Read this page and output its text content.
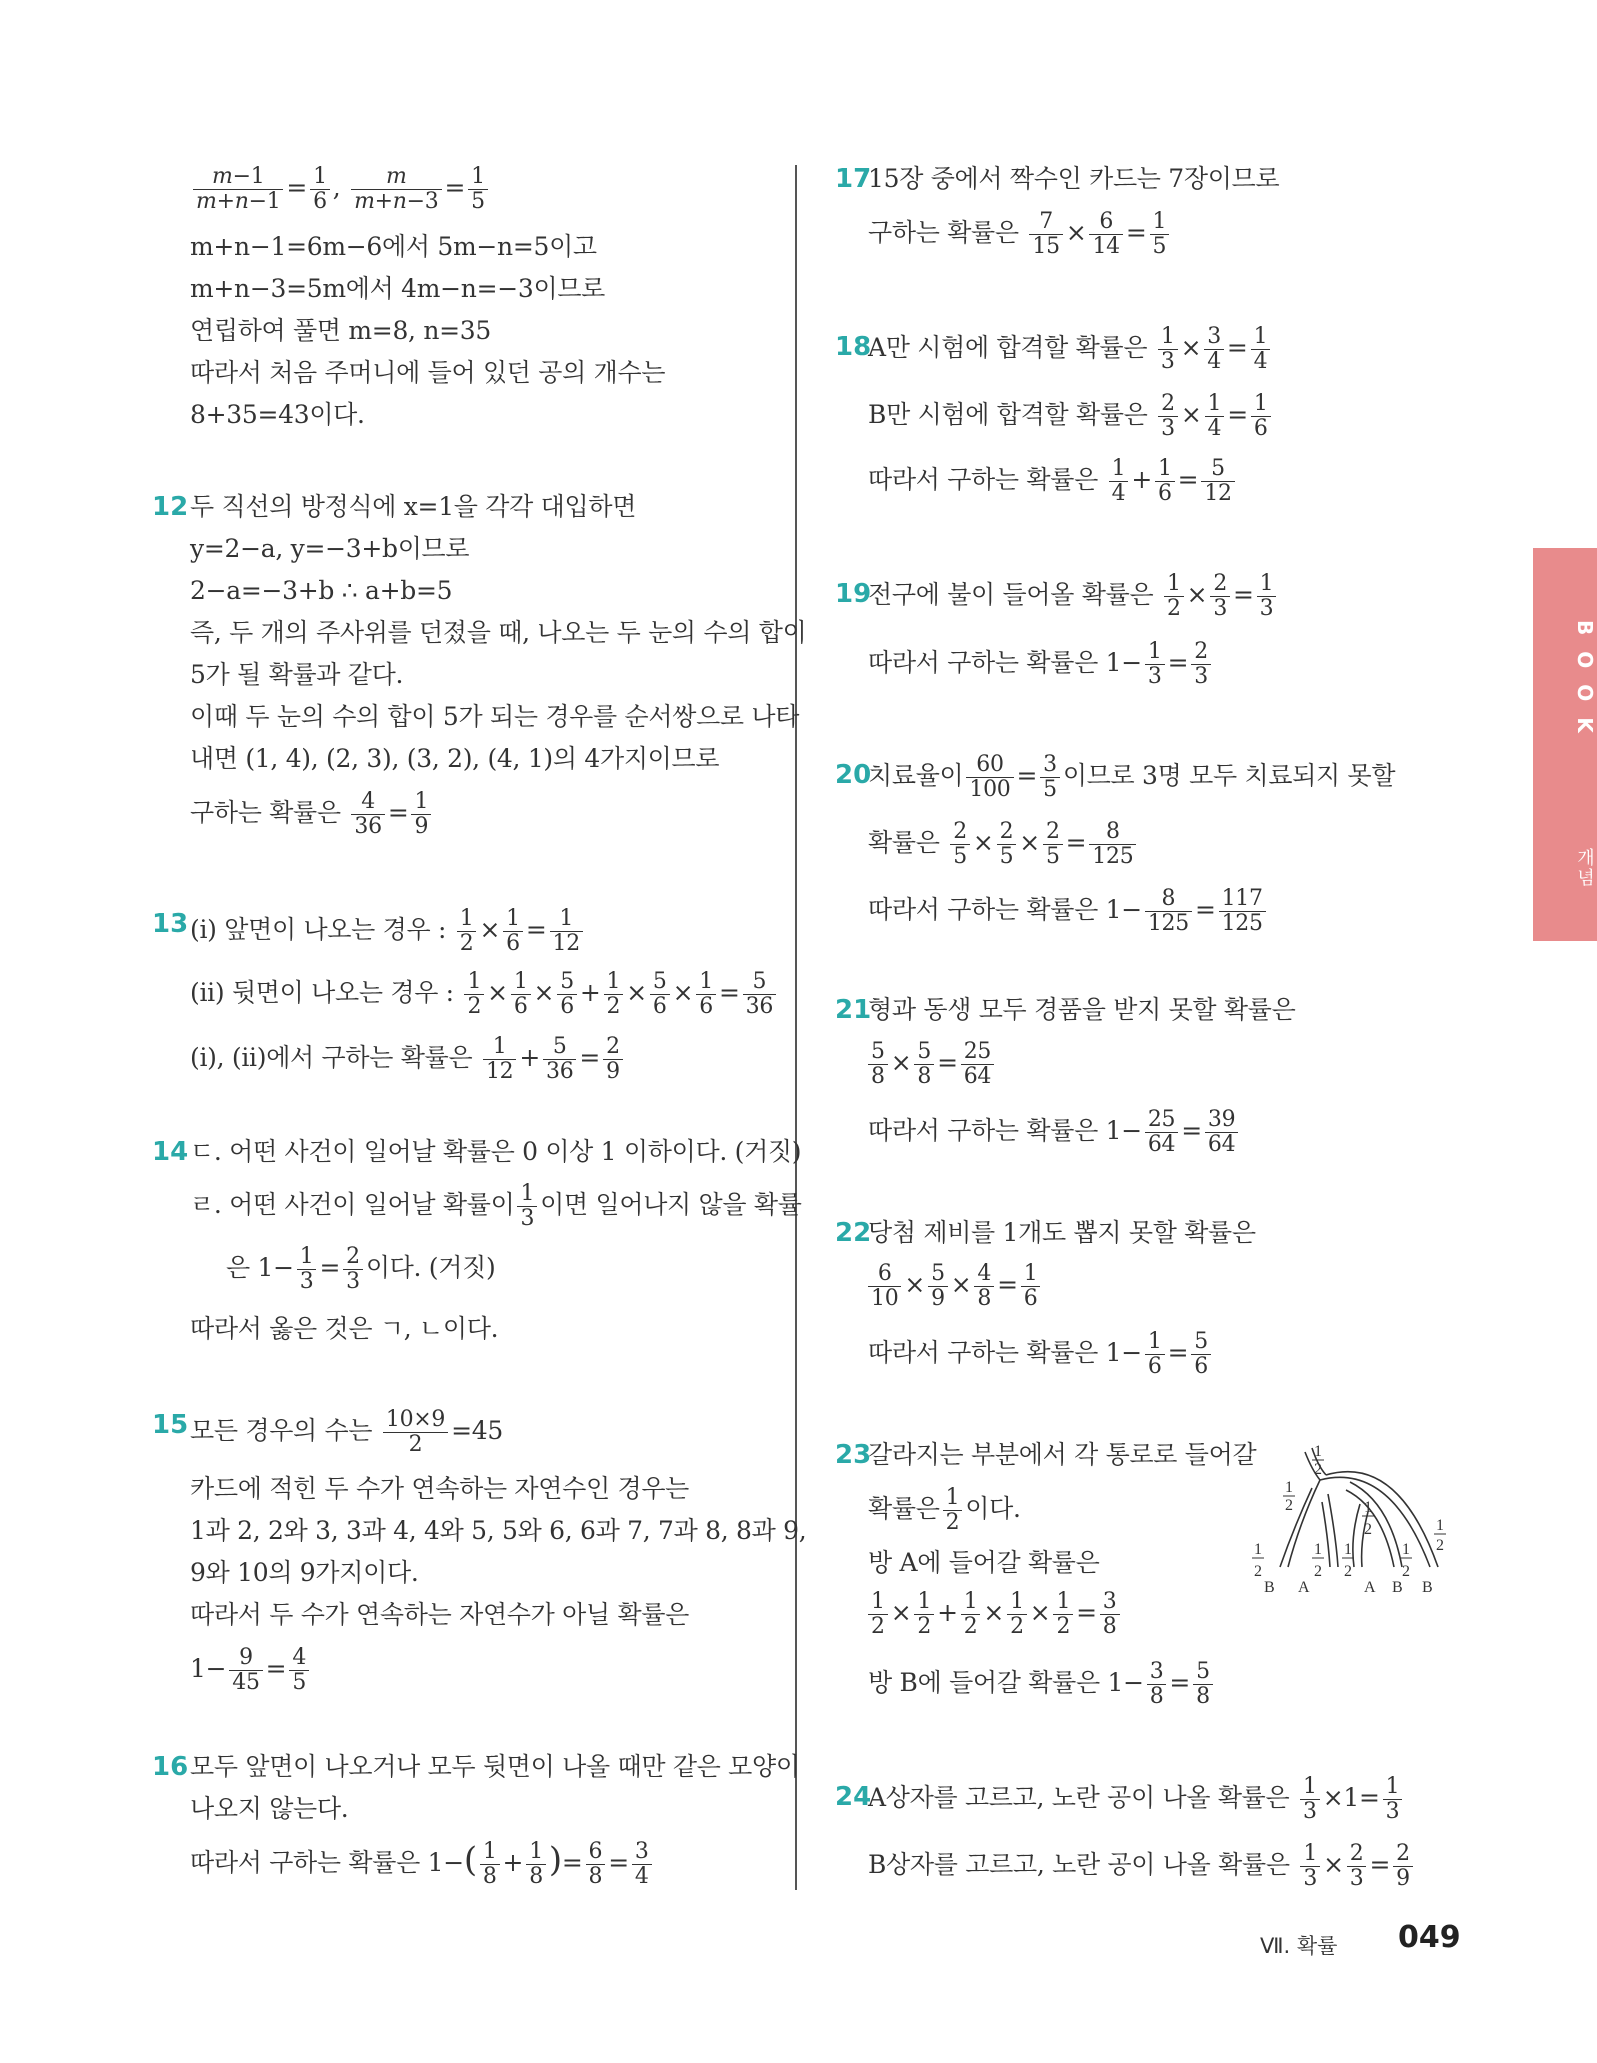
$\frac{m-1}{m+n-1} = \frac{1}{6}$ , $\frac{m}{m+n-3} = \frac{1}{5}$
m+n−1=6m−6에서 5m−n=5이고
m+n−3=5m에서 4m−n=−3이므로
연립하여 풀면 m=8, n=35
따라서 처음 주머니에 들어 있던 공의 개수는
8+35=43이다.
12 두 직선의 방정식에 x=1을 각각 대입하면
y=2−a, y=−3+b이므로
2−a=−3+b ∴ a+b=5
즉, 두 개의 주사위를 던졌을 때, 나오는 두 눈의 수의 합이
5가 될 확률과 같다.
이때 두 눈의 수의 합이 5가 되는 경우를 순서쌍으로 나타
내면 (1, 4), (2, 3), (3, 2), (4, 1)의 4가지이므로
구하는 확률은 $\frac{4}{36} = \frac{1}{9}$
13 (i) 앞면이 나오는 경우 : $\frac{1}{2} \times \frac{1}{6} = \frac{1}{12}$
(ii) 뒷면이 나오는 경우 : $\frac{1}{2} \times \frac{1}{6} \times \frac{5}{6} + \frac{1}{2} \times \frac{5}{6} \times \frac{1}{6} = \frac{5}{36}$
(i), (ii)에서 구하는 확률은 $\frac{1}{12} + \frac{5}{36} = \frac{2}{9}$
14 ㄷ. 어떤 사건이 일어날 확률은 0 이상 1 이하이다. (거짓)
ㄹ. 어떤 사건이 일어날 확률이 $\frac{1}{3}$ 이면 일어나지 않을 확률
은 $1- \frac{1}{3} = \frac{2}{3}$ 이다. (거짓)
따라서 옳은 것은 ㄱ, ㄴ이다.
15 모든 경우의 수는 $\frac{10\times 9}{2} =45$
카드에 적힌 두 수가 연속하는 자연수인 경우는
1과 2, 2와 3, 3과 4, 4와 5, 5와 6, 6과 7, 7과 8, 8과 9,
9와 10의 9가지이다.
따라서 두 수가 연속하는 자연수가 아닐 확률은
$1- \frac{9}{45} = \frac{4}{5}$
16 모두 앞면이 나오거나 모두 뒷면이 나올 때만 같은 모양이
나오지 않는다.
따라서 구하는 확률은 $1-( \frac{1}{8} + \frac{1}{8}$ )= $\frac{6}{8} = \frac{3}{4}$
17
15장 중에서 짝수인 카드는 7장이므로
구하는 확률은 $\frac{7}{15} \times \frac{6}{14} = \frac{1}{5}$
18
A만 시험에 합격할 확률은 $\frac{1}{3} \times \frac{3}{4} = \frac{1}{4}$
B만 시험에 합격할 확률은 $\frac{2}{3} \times \frac{1}{4} = \frac{1}{6}$
따라서 구하는 확률은 $\frac{1}{4} + \frac{1}{6} = \frac{5}{12}$
19
전구에 불이 들어올 확률은 $\frac{1}{2} \times \frac{2}{3} = \frac{1}{3}$
따라서 구하는 확률은 $1- \frac{1}{3} = \frac{2}{3}$
20
치료율이 $\frac{60}{100} = \frac{3}{5}$ 이므로 3명 모두 치료되지 못할
확률은 $\frac{2}{5} \times \frac{2}{5} \times \frac{2}{5} = \frac{8}{125}$
따라서 구하는 확률은 $1- \frac{8}{125} = \frac{117}{125}$
21
형과 동생 모두 경품을 받지 못할 확률은
$\frac{5}{8} \times \frac{5}{8} = \frac{25}{64}$
따라서 구하는 확률은 $1- \frac{25}{64} = \frac{39}{64}$
22
당첨 제비를 1개도 뽑지 못할 확률은
$\frac{6}{10} \times \frac{5}{9} \times \frac{4}{8} = \frac{1}{6}$
따라서 구하는 확률은 $1- \frac{1}{6} = \frac{5}{6}$
23
갈라지는 부분에서 각 통로로 들어갈
확률은 $\frac{1}{2}$ 이다.
방 A에 들어갈 확률은
$\frac{1}{2} \times \frac{1}{2} + \frac{1}{2} \times \frac{1}{2} \times \frac{1}{2} = \frac{3}{8}$
방 B에 들어갈 확률은 $1- \frac{3}{8} = \frac{5}{8}$
24
A상자를 고르고, 노란 공이 나올 확률은 $\frac{1}{3} \times 1= \frac{1}{3}$
B상자를 고르고, 노란 공이 나올 확률은 $\frac{1}{3} \times \frac{2}{3} = \frac{2}{9}$
1
2
1
2	1
2	1
2
1
2
1
2
1
2
1
2
B A	A B B
BOOK
개념
Ⅶ. 확률 049
